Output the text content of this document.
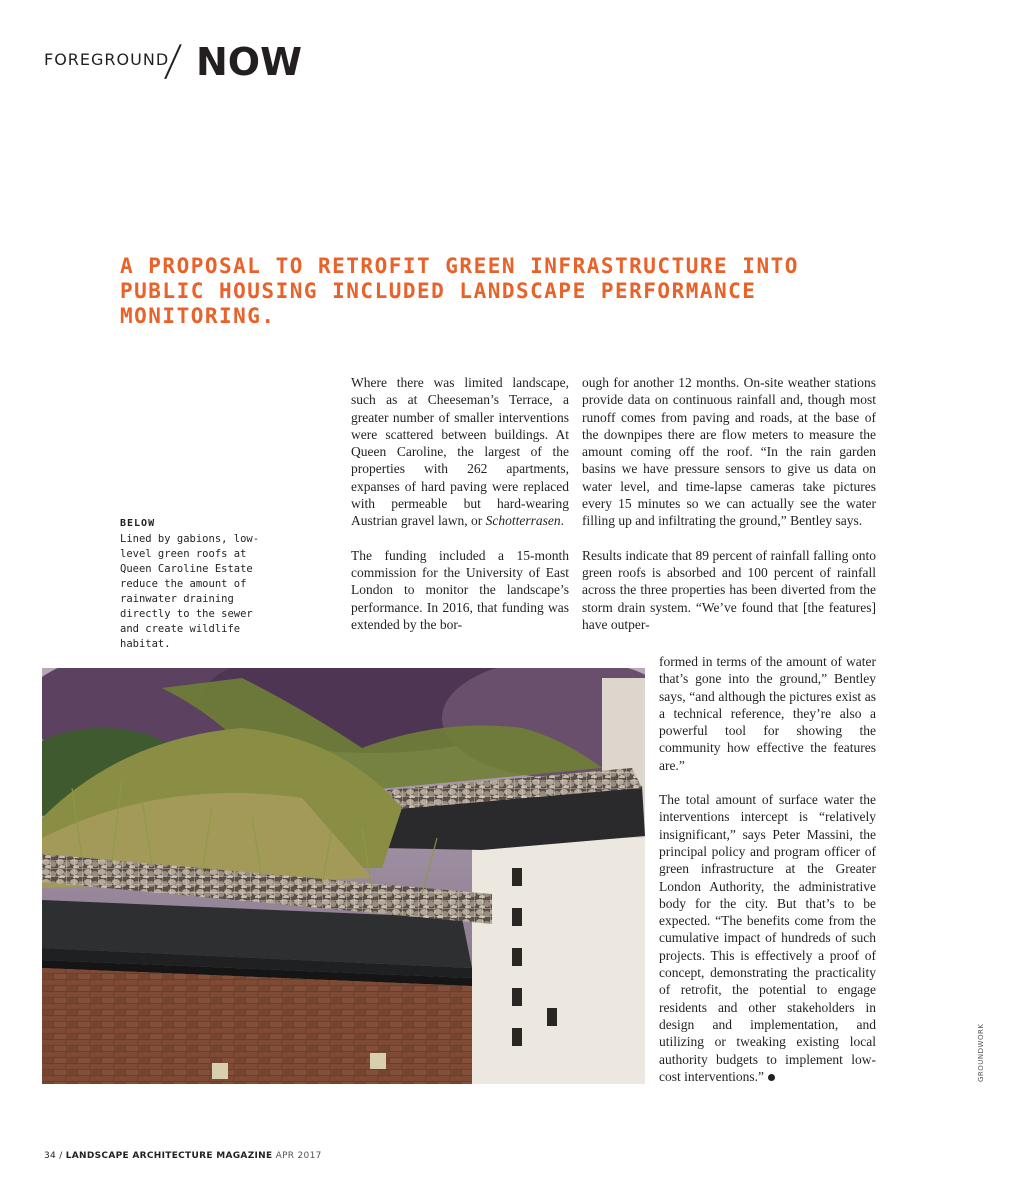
FOREGROUND
/ NOW
A PROPOSAL TO RETROFIT GREEN INFRASTRUCTURE INTO PUBLIC HOUSING INCLUDED LANDSCAPE PERFORMANCE MONITORING.
BELOW
Lined by gabions, low-level green roofs at Queen Caroline Estate reduce the amount of rainwater draining directly to the sewer and create wildlife habitat.

Where there was limited landscape, such as at Cheeseman’s Terrace, a greater number of smaller interventions were scattered between buildings. At Queen Caroline, the largest of the properties with 262 apartments, expanses of hard paving were replaced with permeable but hard-wearing Austrian gravel lawn, or Schotterrasen.

The funding included a 15-month commission for the University of East London to monitor the landscape’s performance. In 2016, that funding was extended by the bor-

ough for another 12 months. On-site weather stations provide data on continuous rainfall and, though most runoff comes from paving and roads, at the base of the downpipes there are flow meters to measure the amount coming off the roof. “In the rain garden basins we have pressure sensors to give us data on water level, and time-lapse cameras take pictures every 15 minutes so we can actually see the water filling up and infiltrating the ground,” Bentley says.

Results indicate that 89 percent of rainfall falling onto green roofs is absorbed and 100 percent of rainfall across the three properties has been diverted from the storm drain system. “We’ve found that [the features] have outper-

formed in terms of the amount of water that’s gone into the ground,” Bentley says, “and although the pictures exist as a technical reference, they’re also a powerful tool for showing the community how effective the features are.”

The total amount of surface water the interventions intercept is “relatively insignificant,” says Peter Massini, the principal policy and program officer of green infrastructure at the Greater London Authority, the administrative body for the city. But that’s to be expected. “The benefits come from the cumulative impact of hundreds of such projects. This is effectively a proof of concept, demonstrating the practicality of retrofit, the potential to engage residents and other stakeholders in design and implementation, and utilizing or tweaking existing local authority budgets to implement low-cost interventions.”	GROUNDWORK
34 / LANDSCAPE ARCHITECTURE MAGAZINE APR 2017
